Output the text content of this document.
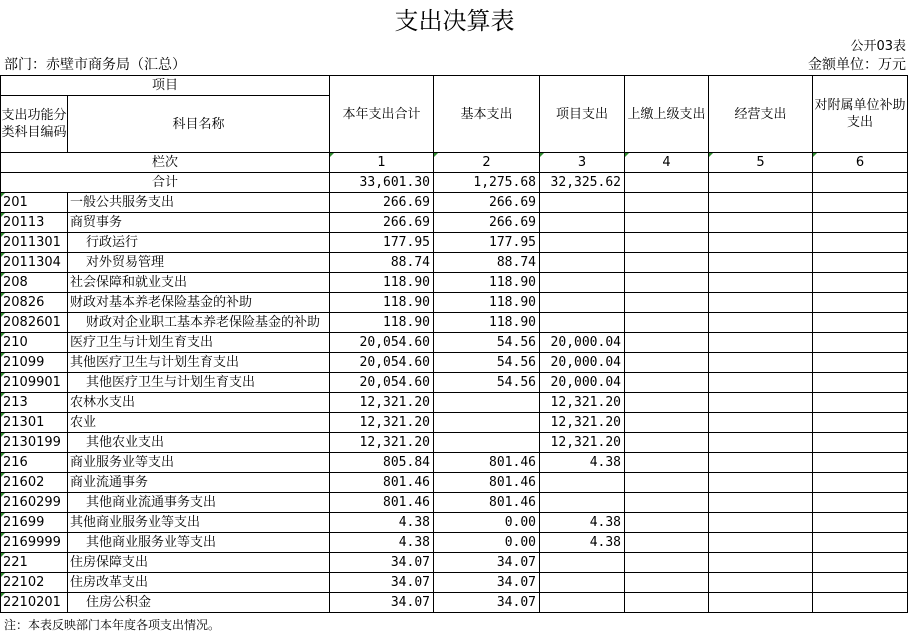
支出决算表
公开03表
部门：赤壁市商务局（汇总）	金额单位：万元
项目		本年支出合计	基本支出	项目支出	上缴上级支出	经营支出	对附属单位补助支出
支出功能分类科目编码	科目名称						

栏次		1	2	3	4	5	6
合计		33,601.30	1,275.68	32,325.62			

201	一般公共服务支出	266.69	266.69				

20113	商贸事务	266.69	266.69				

2011301	行政运行	177.95	177.95				

2011304	对外贸易管理	88.74	88.74				

208	社会保障和就业支出	118.90	118.90				

20826	财政对基本养老保险基金的补助	118.90	118.90				

2082601	财政对企业职工基本养老保险基金的补助	118.90	118.90				

210	医疗卫生与计划生育支出	20,054.60	54.56	20,000.04			

21099	其他医疗卫生与计划生育支出	20,054.60	54.56	20,000.04			

2109901	其他医疗卫生与计划生育支出	20,054.60	54.56	20,000.04			

213	农林水支出	12,321.20		12,321.20			

21301	农业	12,321.20		12,321.20			

2130199	其他农业支出	12,321.20		12,321.20			

216	商业服务业等支出	805.84	801.46	4.38			

21602	商业流通事务	801.46	801.46				

2160299	其他商业流通事务支出	801.46	801.46				

21699	其他商业服务业等支出	4.38	0.00	4.38			

2169999	其他商业服务业等支出	4.38	0.00	4.38			

221	住房保障支出	34.07	34.07				

22102	住房改革支出	34.07	34.07				

2210201	住房公积金	34.07	34.07				
注：本表反映部门本年度各项支出情况。
